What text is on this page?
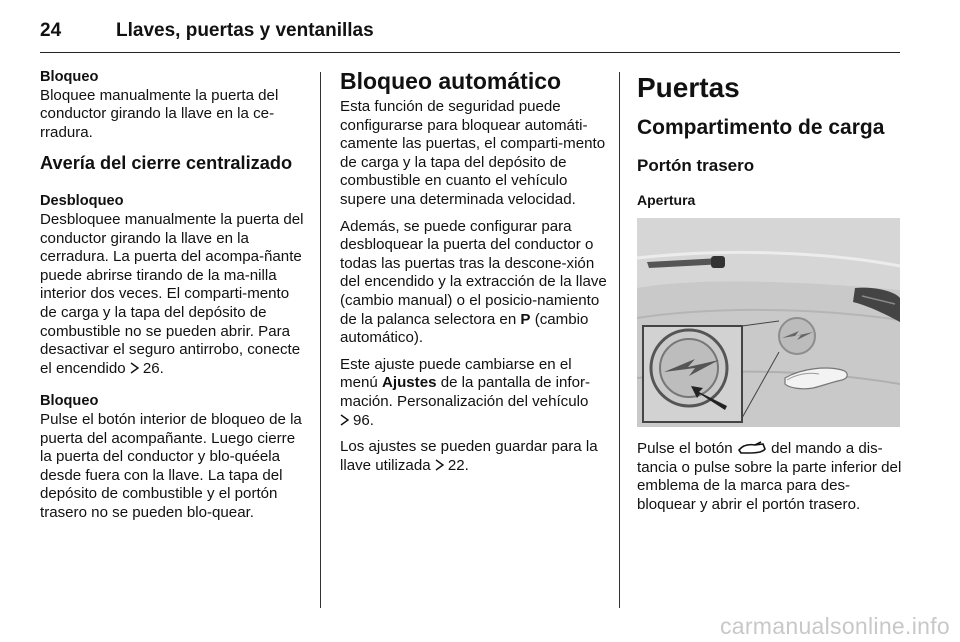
24	Llaves, puertas y ventanillas
Bloqueo

Bloquee manualmente la puerta del conductor girando la llave en la ce-rradura.

Avería del cierre centralizado
Desbloqueo

Desbloquee manualmente la puerta del conductor girando la llave en la cerradura. La puerta del acompa-ñante puede abrirse tirando de la ma-nilla interior dos veces. El comparti-mento de carga y la tapa del depósito de combustible no se pueden abrir. Para desactivar el seguro antirrobo, conecte el encendido 26.

Bloqueo

Pulse el botón interior de bloqueo de la puerta del acompañante. Luego cierre la puerta del conductor y blo-quéela desde fuera con la llave. La tapa del depósito de combustible y el portón trasero no se pueden blo-quear.

Bloqueo automático

Esta función de seguridad puede configurarse para bloquear automáti-camente las puertas, el comparti-mento de carga y la tapa del depósito de combustible en cuanto el vehículo supere una determinada velocidad.

Además, se puede configurar para desbloquear la puerta del conductor o todas las puertas tras la descone-xión del encendido y la extracción de la llave (cambio manual) o el posicio-namiento de la palanca selectora en P (cambio automático).

Este ajuste puede cambiarse en el menú Ajustes de la pantalla de infor-mación. Personalización del vehículo 96.

Los ajustes se pueden guardar para la llave utilizada 22.

Puertas
Compartimento de carga
Portón trasero
Apertura
Pulse el botón	del mando a dis-tancia o pulse sobre la parte inferior del emblema de la marca para des-bloquear y abrir el portón trasero.
carmanualsonline.info
